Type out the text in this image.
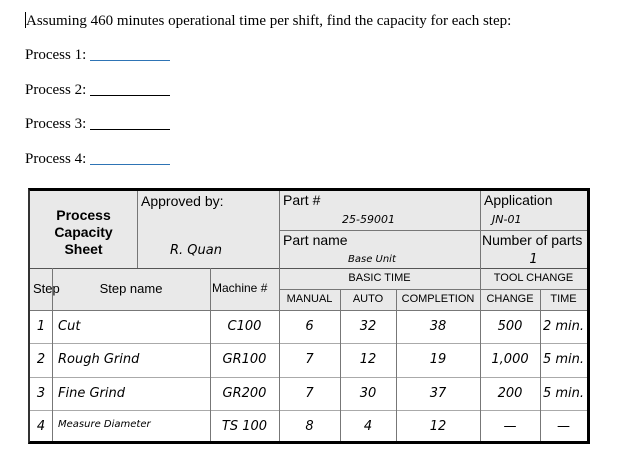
Assuming 460 minutes operational time per shift, find the capacity for each step:
Process 1:
Process 2:
Process 3:
Process 4:
Process Capacity Sheet
Approved by:
R. Quan
Part #
25-59001
Part name
Base Unit
Application
JN-01
Number of parts
1
BASIC TIME	TOOL CHANGE
Step	Step name	Machine #
MANUAL	AUTO	COMPLETION	CHANGE	TIME
1 Cut	C100	6	32	38	500	2 min.
2 Rough Grind	GR100	7	12	19	1,000	5 min.
3 Fine Grind	GR200	7	30	37	200	5 min.
4	Measure Diameter	TS 100	8	4	12	—	—
